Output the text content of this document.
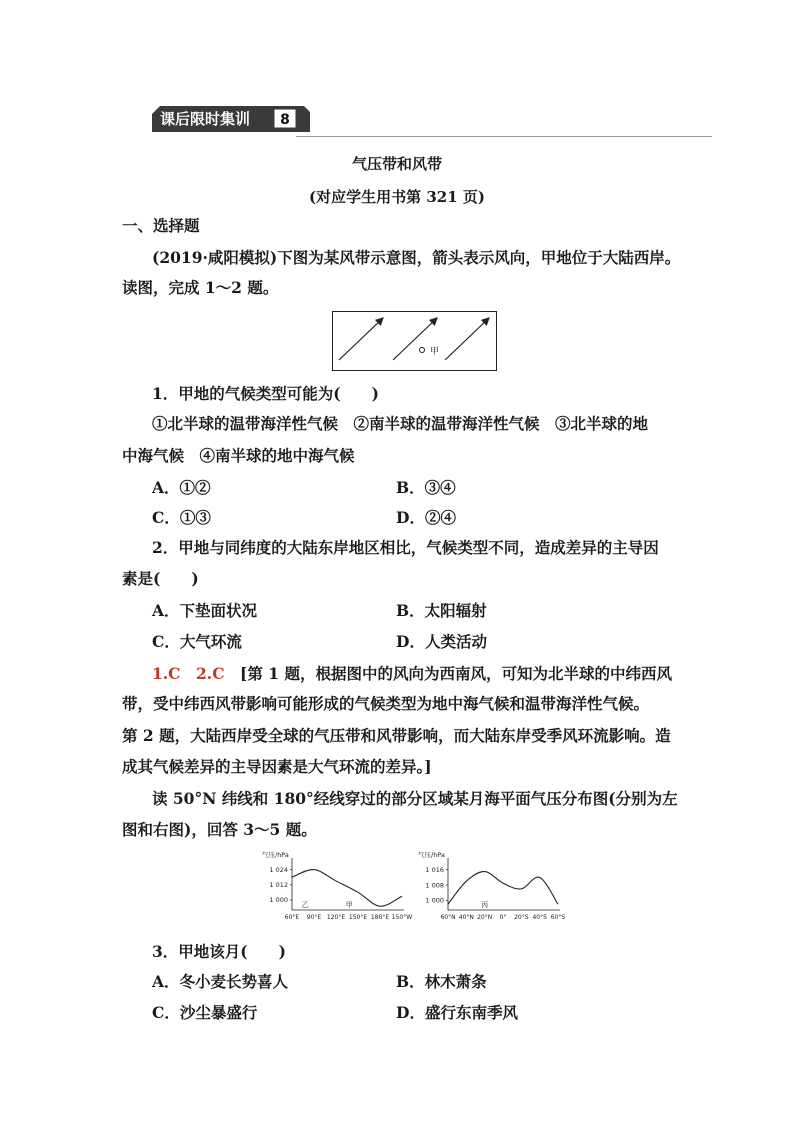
课后限时集训 8
气压带和风带
(对应学生用书第 321 页)
一、选择题
(2019·咸阳模拟)下图为某风带示意图，箭头表示风向，甲地位于大陆西岸。
读图，完成 1～2 题。
甲
1．甲地的气候类型可能为(　　)
①北半球的温带海洋性气候　②南半球的温带海洋性气候　③北半球的地
中海气候　④南半球的地中海气候
A．①②	B．③④
C．①③	D．②④
2．甲地与同纬度的大陆东岸地区相比，气候类型不同，造成差异的主导因
素是(　　)
A．下垫面状况	B．太阳辐射
C．大气环流	D．人类活动
1.C　2.C　[第 1 题，根据图中的风向为西南风，可知为北半球的中纬西风
带，受中纬西风带影响可能形成的气候类型为地中海气候和温带海洋性气候。
第 2 题，大陆西岸受全球的气压带和风带影响，而大陆东岸受季风环流影响。造
成其气候差异的主导因素是大气环流的差异。]
读 50°N 纬线和 180°经线穿过的部分区域某月海平面气压分布图(分别为左
图和右图)，回答 3～5 题。
气压/hPa
1 024
1 012
1 000
60°E 90°E 120°E 150°E 180°E 150°W
乙	甲
气压/hPa
1 016
1 008
1 000
60°N 40°N 20°N 0° 20°S 40°S 60°S
丙
3．甲地该月(　　)
A．冬小麦长势喜人	B．林木萧条
C．沙尘暴盛行	D．盛行东南季风
